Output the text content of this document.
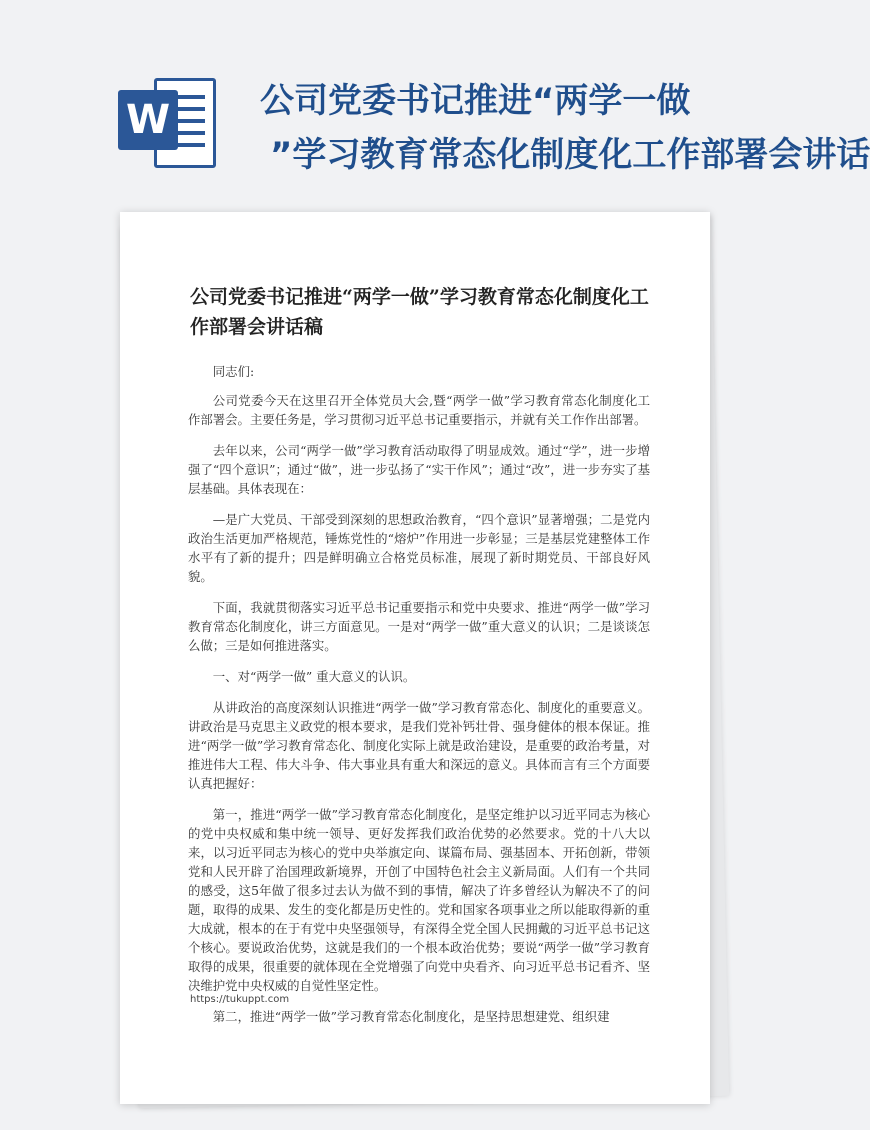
W	公司党委书记推进“两学一做
”学习教育常态化制度化工作部署会讲话
公司党委书记推进“两学一做”学习教育常态化制度化工作部署会讲话稿

同志们:

公司党委今天在这里召开全体党员大会,暨“两学一做”学习教育常态化制度化工作部署会。主要任务是，学习贯彻习近平总书记重要指示，并就有关工作作出部署。

去年以来，公司“两学一做”学习教育活动取得了明显成效。通过“学”，进一步增强了“四个意识”；通过“做”，进一步弘扬了“实干作风”；通过“改”，进一步夯实了基层基础。具体表现在：

—是广大党员、干部受到深刻的思想政治教育，“四个意识”显著增强；二是党内政治生活更加严格规范，锤炼党性的“熔炉”作用进一步彰显；三是基层党建整体工作水平有了新的提升；四是鲜明确立合格党员标准，展现了新时期党员、干部良好风貌。

下面，我就贯彻落实习近平总书记重要指示和党中央要求、推进“两学一做”学习教育常态化制度化，讲三方面意见。一是对“两学一做”重大意义的认识；二是谈谈怎么做；三是如何推进落实。

一、对“两学一做” 重大意义的认识。

从讲政治的高度深刻认识推进“两学一做”学习教育常态化、制度化的重要意义。讲政治是马克思主义政党的根本要求，是我们党补钙壮骨、强身健体的根本保证。推进“两学一做”学习教育常态化、制度化实际上就是政治建设，是重要的政治考量，对推进伟大工程、伟大斗争、伟大事业具有重大和深远的意义。具体而言有三个方面要认真把握好：

第一，推进“两学一做”学习教育常态化制度化，是坚定维护以习近平同志为核心的党中央权威和集中统一领导、更好发挥我们政治优势的必然要求。党的十八大以来，以习近平同志为核心的党中央举旗定向、谋篇布局、强基固本、开拓创新，带领党和人民开辟了治国理政新境界，开创了中国特色社会主义新局面。人们有一个共同的感受，这5年做了很多过去认为做不到的事情，解决了许多曾经认为解决不了的问题，取得的成果、发生的变化都是历史性的。党和国家各项事业之所以能取得新的重大成就，根本的在于有党中央坚强领导，有深得全党全国人民拥戴的习近平总书记这个核心。要说政治优势，这就是我们的一个根本政治优势；要说“两学一做”学习教育取得的成果，很重要的就体现在全党增强了向党中央看齐、向习近平总书记看齐、坚决维护党中央权威的自觉性坚定性。

第二，推进“两学一做”学习教育常态化制度化，是坚持思想建党、组织建

https://tukuppt.com
